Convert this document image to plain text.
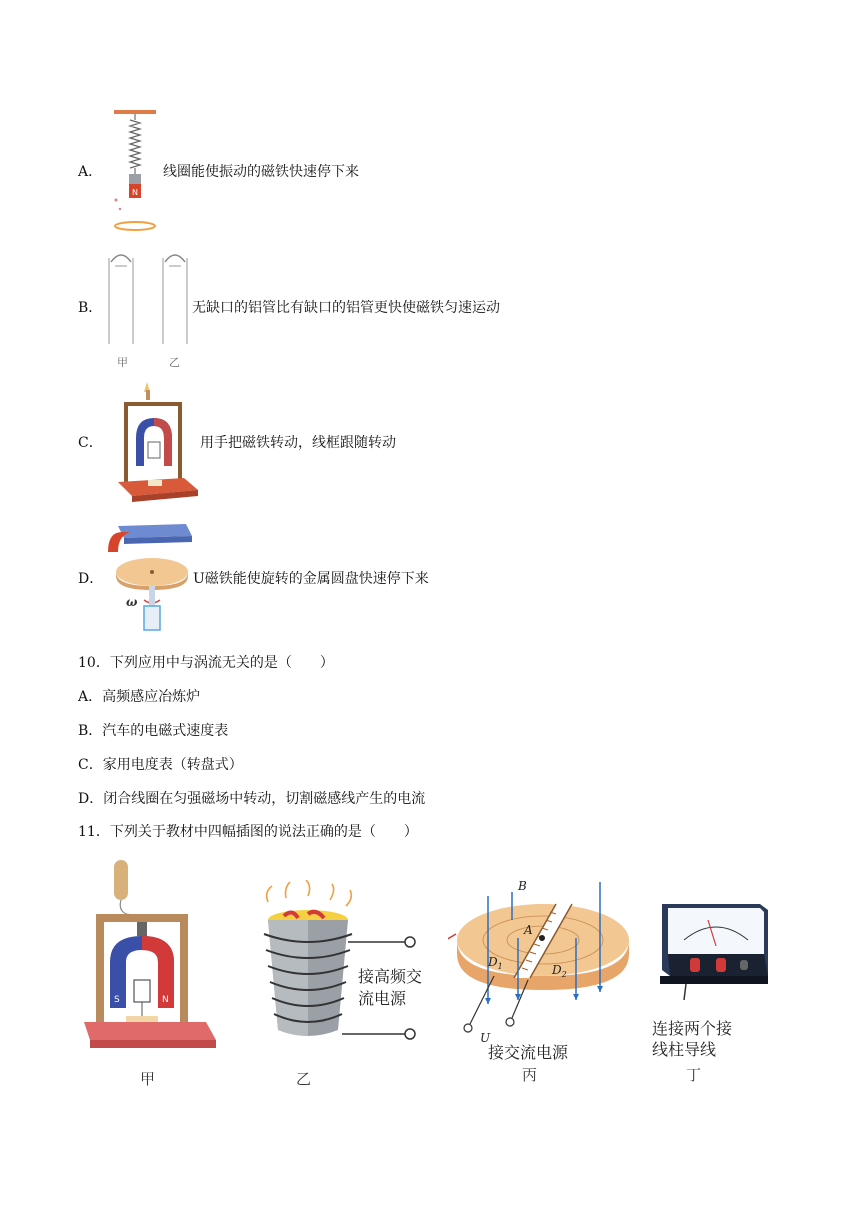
N
A．	线圈能使振动的磁铁快速停下来
甲	乙
B．	无缺口的铝管比有缺口的铝管更快使磁铁匀速运动
C．	用手把磁铁转动，线框跟随转动
ω
D．	U磁铁能使旋转的金属圆盘快速停下来
10．下列应用中与涡流无关的是（　　）
A．高频感应冶炼炉
B．汽车的电磁式速度表
C．家用电度表（转盘式）
D．闭合线圈在匀强磁场中转动，切割磁感线产生的电流
11．下列关于教材中四幅插图的说法正确的是（　　）
S	N
甲
接高频交
流电源
乙
B
A
$D_1$	$D_2$
U
接交流电源
丙
连接两个接
线柱导线
丁
